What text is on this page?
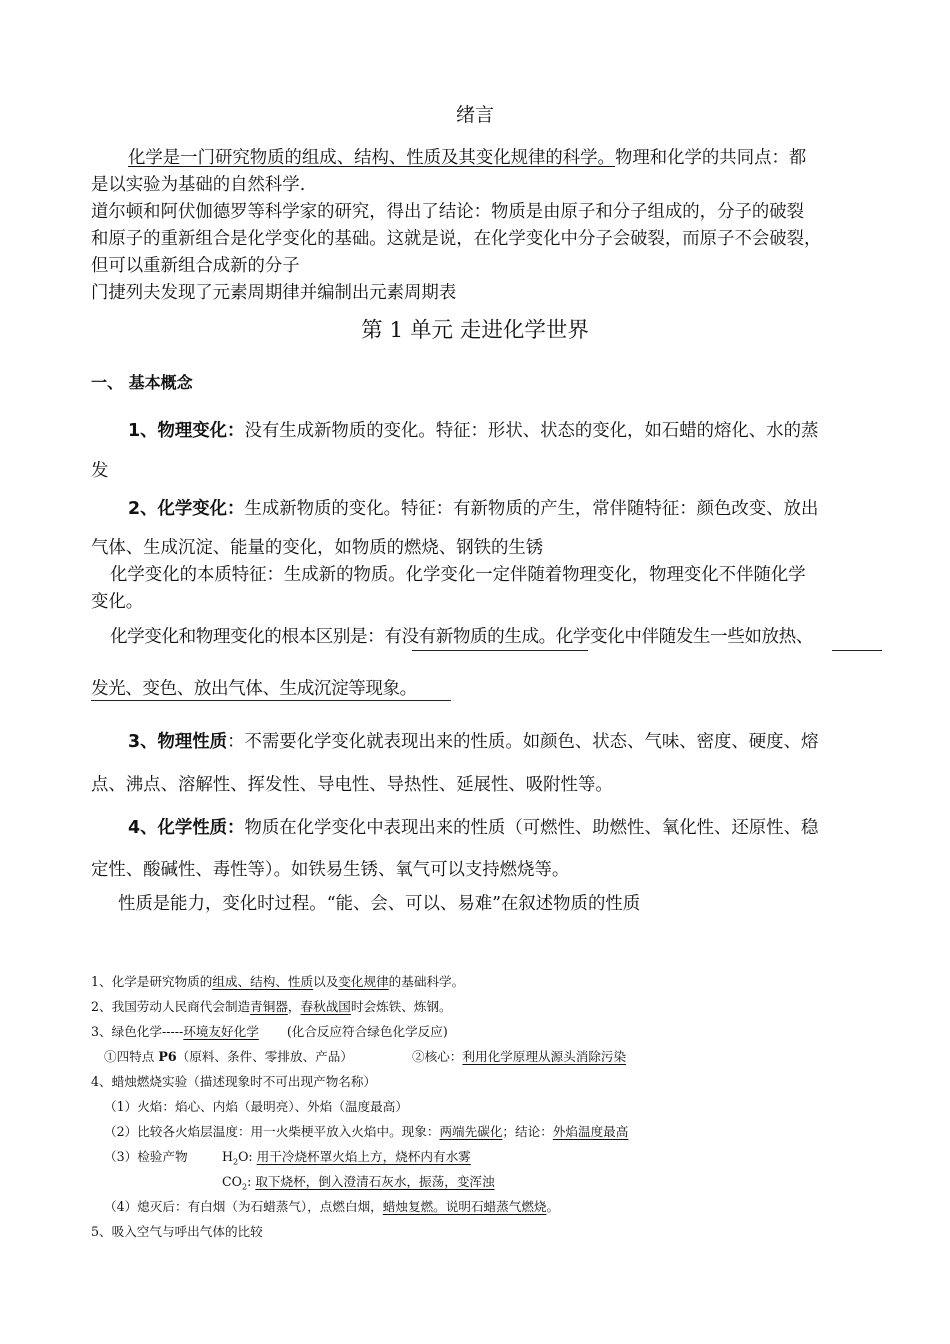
绪言

化学是一门研究物质的组成、结构、性质及其变化规律的科学。物理和化学的共同点：都

是以实验为基础的自然科学.

道尔顿和阿伏伽德罗等科学家的研究，得出了结论：物质是由原子和分子组成的，分子的破裂

和原子的重新组合是化学变化的基础。这就是说，在化学变化中分子会破裂，而原子不会破裂，

但可以重新组合成新的分子

门捷列夫发现了元素周期律并编制出元素周期表

第 1 单元 走进化学世界

一、 基本概念

1、物理变化：没有生成新物质的变化。特征：形状、状态的变化，如石蜡的熔化、水的蒸

发

2、化学变化：生成新物质的变化。特征：有新物质的产生，常伴随特征：颜色改变、放出

气体、生成沉淀、能量的变化，如物质的燃烧、钢铁的生锈

化学变化的本质特征：生成新的物质。化学变化一定伴随着物理变化，物理变化不伴随化学

变化。

化学变化和物理变化的根本区别是：有没有新物质的生成。化学变化中伴随发生一些如放热、

发光、变色、放出气体、生成沉淀等现象。

3、物理性质：不需要化学变化就表现出来的性质。如颜色、状态、气味、密度、硬度、熔

点、沸点、溶解性、挥发性、导电性、导热性、延展性、吸附性等。

4、化学性质：物质在化学变化中表现出来的性质（可燃性、助燃性、氧化性、还原性、稳

定性、酸碱性、毒性等）。如铁易生锈、氧气可以支持燃烧等。

性质是能力，变化时过程。“能、会、可以、易难”在叙述物质的性质

1、化学是研究物质的组成、结构、性质以及变化规律的基础科学。

2、我国劳动人民商代会制造青铜器，春秋战国时会炼铁、炼钢。

3、绿色化学-----环境友好化学 (化合反应符合绿色化学反应)

①四特点 P6（原料、条件、零排放、产品）	②核心：利用化学原理从源头消除污染

4、蜡烛燃烧实验（描述现象时不可出现产物名称）

（1）火焰：焰心、内焰（最明亮）、外焰（温度最高）

（2）比较各火焰层温度：用一火柴梗平放入火焰中。现象：两端先碳化；结论：外焰温度最高

（3）检验产物	$H_2O$: 用干冷烧杯罩火焰上方，烧杯内有水雾

$CO_2$: 取下烧杯，倒入澄清石灰水，振荡，变浑浊

（4）熄灭后：有白烟（为石蜡蒸气），点燃白烟，蜡烛复燃。说明石蜡蒸气燃烧。

5、吸入空气与呼出气体的比较
